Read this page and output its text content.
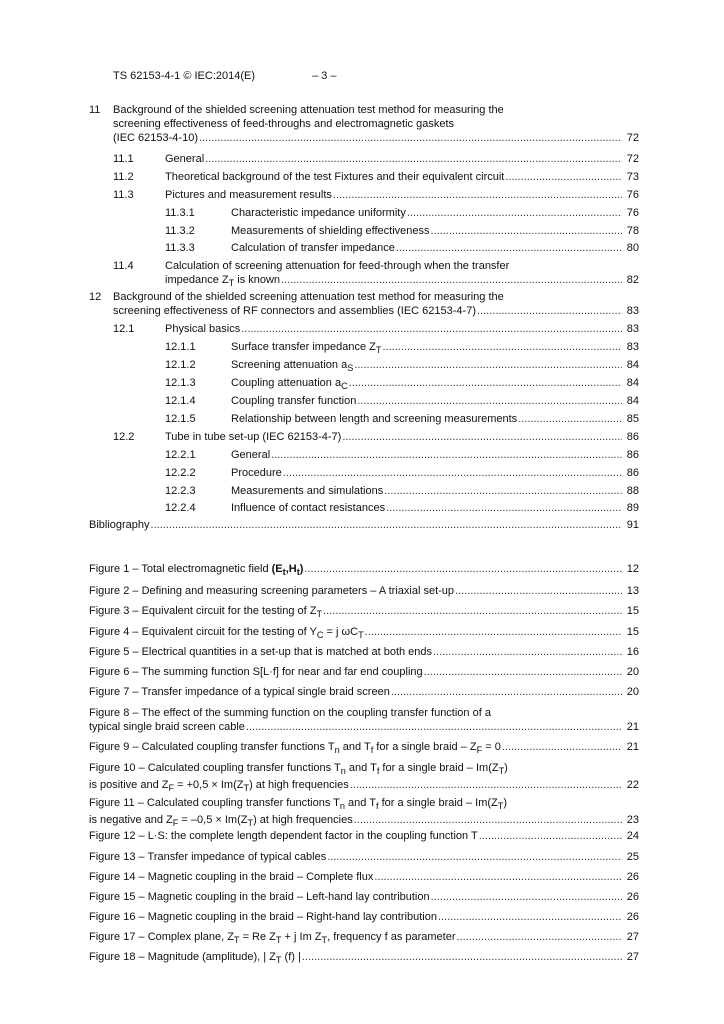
TS 62153-4-1 © IEC:2014(E)	– 3 –
11	Background of the shielded screening attenuation test method for measuring the
screening effectiveness of feed-throughs and electromagnetic gaskets
(IEC 62153-4-10) .....	72
11.1	General .....	72
11.2	Theoretical background of the test Fixtures and their equivalent circuit .....	73
11.3	Pictures and measurement results .....	76
11.3.1	Characteristic impedance uniformity .....	76
11.3.2	Measurements of shielding effectiveness .....	78
11.3.3	Calculation of transfer impedance .....	80
11.4	Calculation of screening attenuation for feed-through when the transfer
impedance $Z_T$ is known .....	82
12	Background of the shielded screening attenuation test method for measuring the
screening effectiveness of RF connectors and assemblies (IEC 62153-4-7) .....	83
12.1	Physical basics .....	83
12.1.1	Surface transfer impedance $Z_T$ .....	83
12.1.2	Screening attenuation $a_S$ .....	84
12.1.3	Coupling attenuation $a_C$ .....	84
12.1.4	Coupling transfer function .....	84
12.1.5	Relationship between length and screening measurements .....	85
12.2	Tube in tube set-up (IEC 62153-4-7) .....	86
12.2.1	General .....	86
12.2.2	Procedure .....	86
12.2.3	Measurements and simulations .....	88
12.2.4	Influence of contact resistances .....	89
Bibliography .....	91
Figure 1 – Total electromagnetic field $(E_t,H_t)$ .....	12
Figure 2 – Defining and measuring screening parameters – A triaxial set-up .....	13
Figure 3 – Equivalent circuit for the testing of $Z_T$ .....	15
Figure 4 – Equivalent circuit for the testing of $Y_C = j$ $\omega C_T$ .....	15
Figure 5 – Electrical quantities in a set-up that is matched at both ends .....	16
Figure 6 – The summing function S[L·f] for near and far end coupling .....	20
Figure 7 – Transfer impedance of a typical single braid screen .....	20
Figure 8 – The effect of the summing function on the coupling transfer function of a
typical single braid screen cable .....	21
Figure 9 – Calculated coupling transfer functions $T_n$ and $T_f$ for a single braid – $Z_F = 0$ .....	21
Figure 10 – Calculated coupling transfer functions $T_n$ and $T_f$ for a single braid – $Im(Z_T)$
is positive and $Z_F = +0,5 \times Im(Z_T)$ at high frequencies .....	22
Figure 11 – Calculated coupling transfer functions $T_n$ and $T_f$ for a single braid – $Im(Z_T)$
is negative and $Z_F = -0,5 \times Im(Z_T)$ at high frequencies .....	23
Figure 12 – L·S: the complete length dependent factor in the coupling function T .....	24
Figure 13 – Transfer impedance of typical cables .....	25
Figure 14 – Magnetic coupling in the braid – Complete flux .....	26
Figure 15 – Magnetic coupling in the braid – Left-hand lay contribution .....	26
Figure 16 – Magnetic coupling in the braid – Right-hand lay contribution .....	26
Figure 17 – Complex plane, $Z_T = Re$ $Z_T + j$ Im $Z_T$, frequency f as parameter .....	27
Figure 18 – Magnitude (amplitude), | $Z_T$ (f) | .....	27
